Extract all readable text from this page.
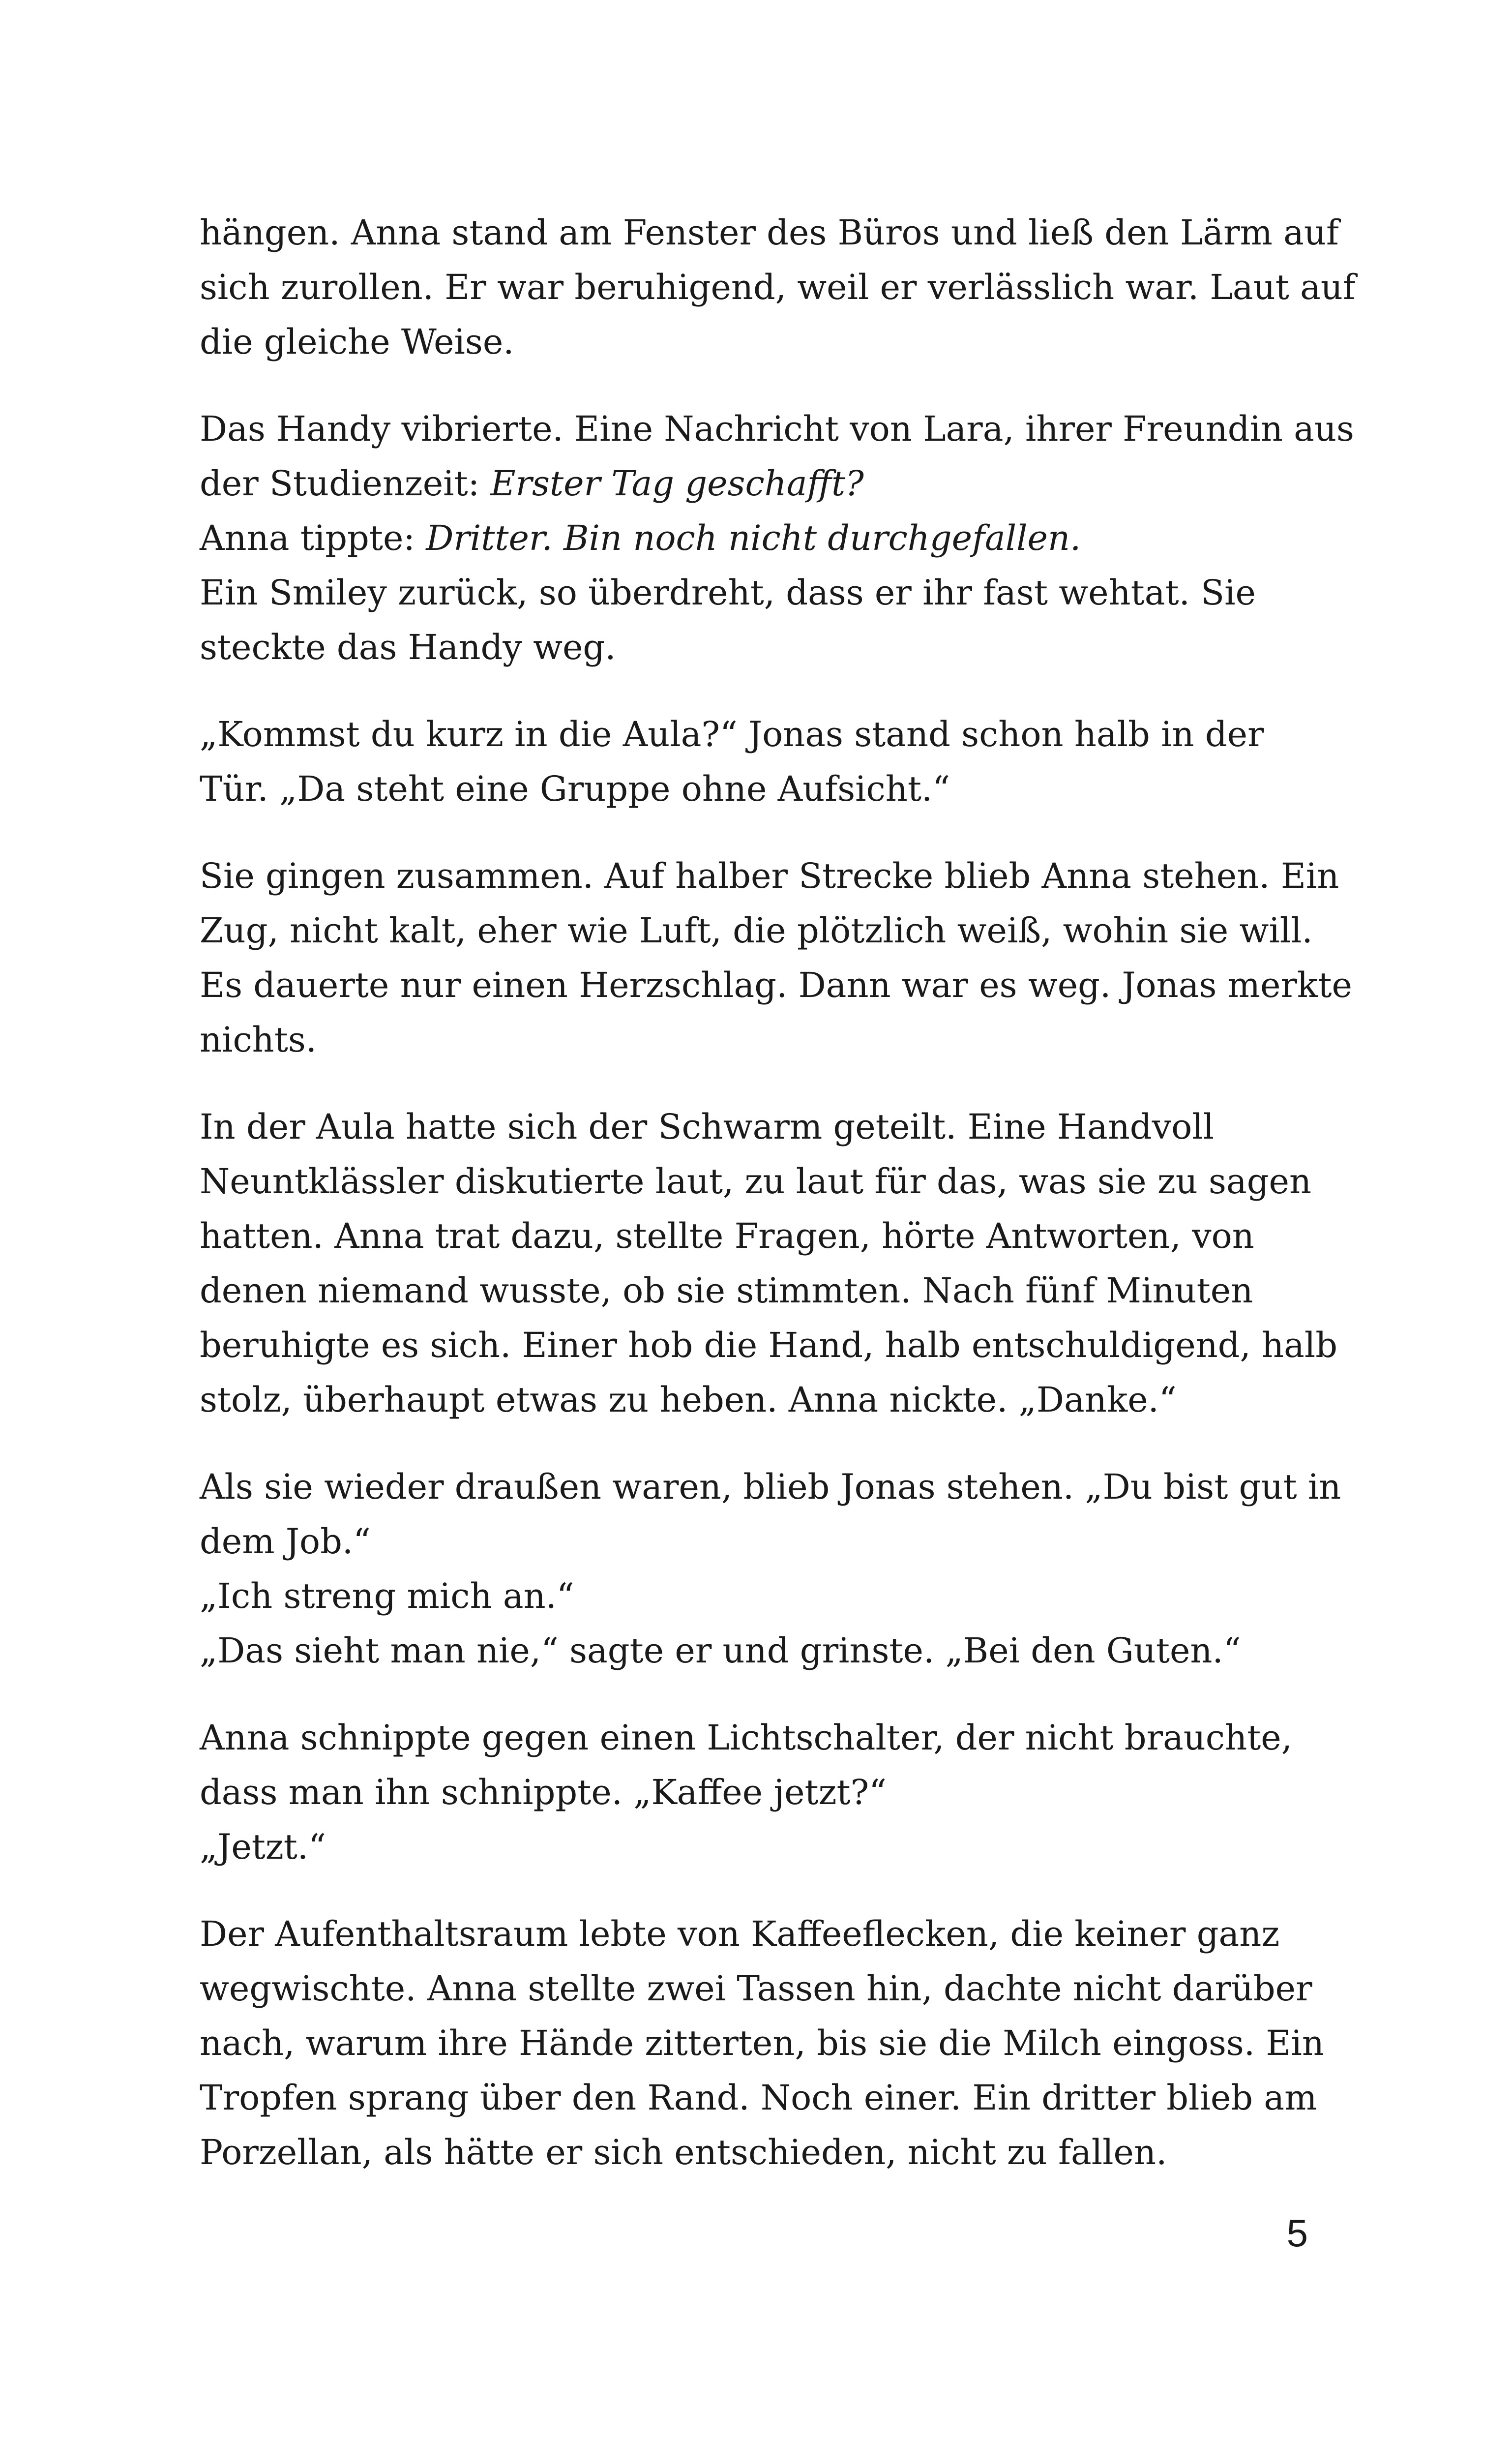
hängen. Anna stand am Fenster des Büros und ließ den Lärm auf
sich zurollen. Er war beruhigend, weil er verlässlich war. Laut auf
die gleiche Weise.
Das Handy vibrierte. Eine Nachricht von Lara, ihrer Freundin aus
der Studienzeit: Erster Tag geschafft?
Anna tippte: Dritter. Bin noch nicht durchgefallen.
Ein Smiley zurück, so überdreht, dass er ihr fast wehtat. Sie
steckte das Handy weg.
„Kommst du kurz in die Aula?“ Jonas stand schon halb in der
Tür. „Da steht eine Gruppe ohne Aufsicht.“
Sie gingen zusammen. Auf halber Strecke blieb Anna stehen. Ein
Zug, nicht kalt, eher wie Luft, die plötzlich weiß, wohin sie will.
Es dauerte nur einen Herzschlag. Dann war es weg. Jonas merkte
nichts.
In der Aula hatte sich der Schwarm geteilt. Eine Handvoll
Neuntklässler diskutierte laut, zu laut für das, was sie zu sagen
hatten. Anna trat dazu, stellte Fragen, hörte Antworten, von
denen niemand wusste, ob sie stimmten. Nach fünf Minuten
beruhigte es sich. Einer hob die Hand, halb entschuldigend, halb
stolz, überhaupt etwas zu heben. Anna nickte. „Danke.“
Als sie wieder draußen waren, blieb Jonas stehen. „Du bist gut in
dem Job.“
„Ich streng mich an.“
„Das sieht man nie,“ sagte er und grinste. „Bei den Guten.“
Anna schnippte gegen einen Lichtschalter, der nicht brauchte,
dass man ihn schnippte. „Kaffee jetzt?“
„Jetzt.“
Der Aufenthaltsraum lebte von Kaffeeflecken, die keiner ganz
wegwischte. Anna stellte zwei Tassen hin, dachte nicht darüber
nach, warum ihre Hände zitterten, bis sie die Milch eingoss. Ein
Tropfen sprang über den Rand. Noch einer. Ein dritter blieb am
Porzellan, als hätte er sich entschieden, nicht zu fallen.
5
